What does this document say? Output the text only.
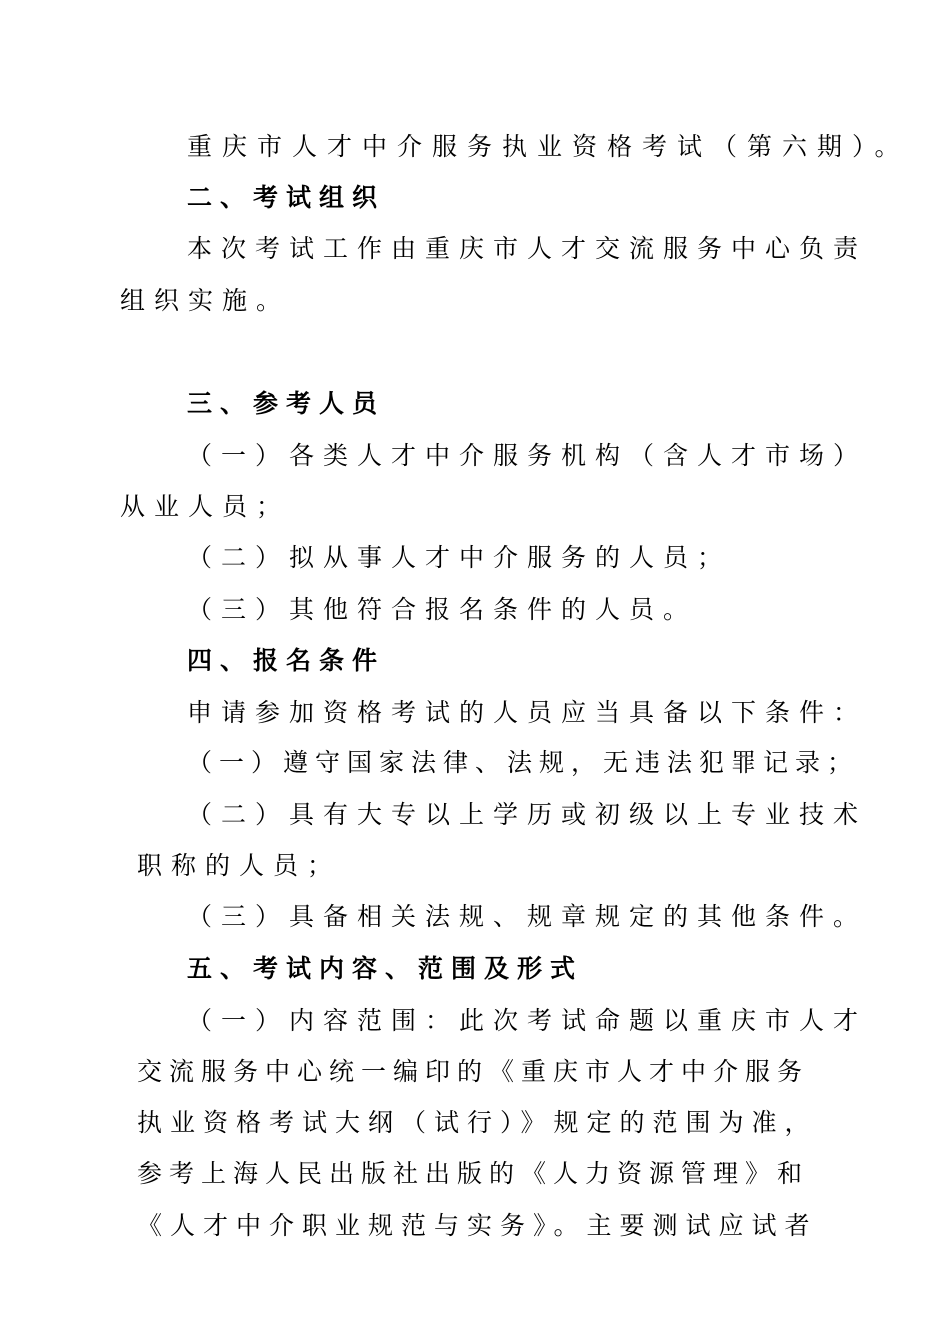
重庆市人才中介服务执业资格考试（第六期）。
二、考试组织
本次考试工作由重庆市人才交流服务中心负责
组织实施。
三、参考人员
（一）各类人才中介服务机构（含人才市场）
从业人员；
（二）拟从事人才中介服务的人员；
（三）其他符合报名条件的人员。
四、报名条件
申请参加资格考试的人员应当具备以下条件：
（一）遵守国家法律、法规，无违法犯罪记录；
（二）具有大专以上学历或初级以上专业技术
职称的人员；
（三）具备相关法规、规章规定的其他条件。
五、考试内容、范围及形式
（一）内容范围：此次考试命题以重庆市人才
交流服务中心统一编印的《重庆市人才中介服务
执业资格考试大纲（试行）》规定的范围为准，
参考上海人民出版社出版的《人力资源管理》和
《人才中介职业规范与实务》。主要测试应试者
